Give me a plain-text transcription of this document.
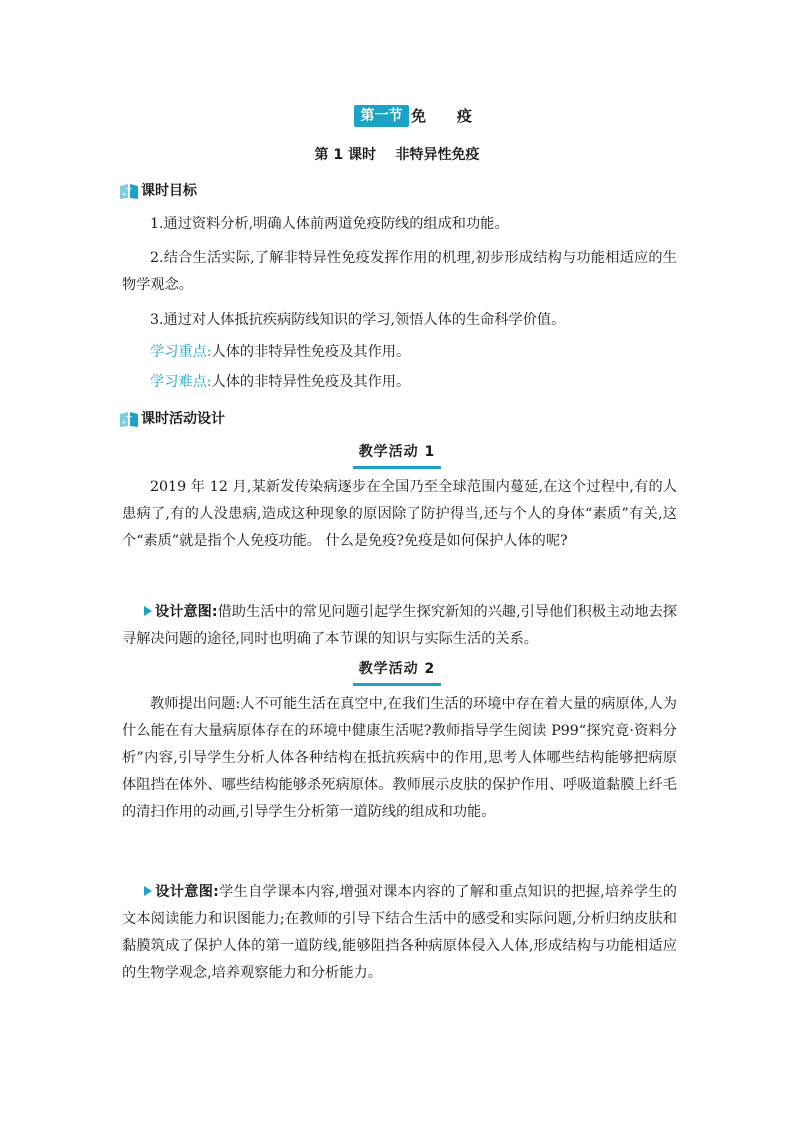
第一节 免    疫
第 1 课时 非特异性免疫
课时目标
1.通过资料分析,明确人体前两道免疫防线的组成和功能。
2.结合生活实际,了解非特异性免疫发挥作用的机理,初步形成结构与功能相适应的生物学观念。
3.通过对人体抵抗疾病防线知识的学习,领悟人体的生命科学价值。
学习重点:人体的非特异性免疫及其作用。
学习难点:人体的非特异性免疫及其作用。
课时活动设计
教学活动 1
2019 年 12 月,某新发传染病逐步在全国乃至全球范围内蔓延,在这个过程中,有的人患病了,有的人没患病,造成这种现象的原因除了防护得当,还与个人的身体“素质”有关,这个“素质”就是指个人免疫功能。 什么是免疫?免疫是如何保护人体的呢?
设计意图:借助生活中的常见问题引起学生探究新知的兴趣,引导他们积极主动地去探寻解决问题的途径,同时也明确了本节课的知识与实际生活的关系。
教学活动 2
教师提出问题:人不可能生活在真空中,在我们生活的环境中存在着大量的病原体,人为什么能在有大量病原体存在的环境中健康生活呢?教师指导学生阅读 P99“探究竟·资料分析”内容,引导学生分析人体各种结构在抵抗疾病中的作用,思考人体哪些结构能够把病原体阻挡在体外、哪些结构能够杀死病原体。教师展示皮肤的保护作用、呼吸道黏膜上纤毛的清扫作用的动画,引导学生分析第一道防线的组成和功能。
设计意图:学生自学课本内容,增强对课本内容的了解和重点知识的把握,培养学生的文本阅读能力和识图能力;在教师的引导下结合生活中的感受和实际问题,分析归纳皮肤和黏膜筑成了保护人体的第一道防线,能够阻挡各种病原体侵入人体,形成结构与功能相适应的生物学观念,培养观察能力和分析能力。
